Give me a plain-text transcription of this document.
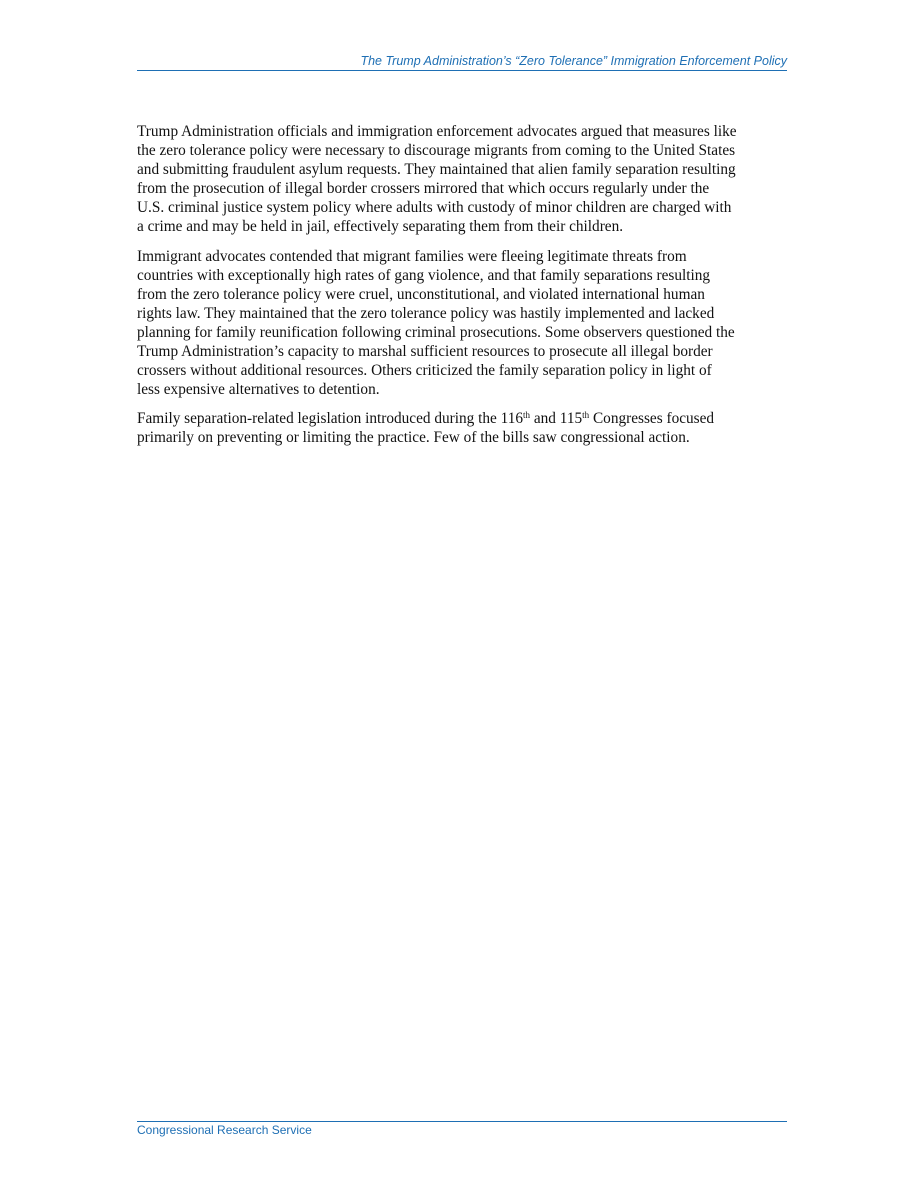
The Trump Administration’s “Zero Tolerance” Immigration Enforcement Policy

Trump Administration officials and immigration enforcement advocates argued that measures like
the zero tolerance policy were necessary to discourage migrants from coming to the United States
and submitting fraudulent asylum requests. They maintained that alien family separation resulting
from the prosecution of illegal border crossers mirrored that which occurs regularly under the
U.S. criminal justice system policy where adults with custody of minor children are charged with
a crime and may be held in jail, effectively separating them from their children.

Immigrant advocates contended that migrant families were fleeing legitimate threats from
countries with exceptionally high rates of gang violence, and that family separations resulting
from the zero tolerance policy were cruel, unconstitutional, and violated international human
rights law. They maintained that the zero tolerance policy was hastily implemented and lacked
planning for family reunification following criminal prosecutions. Some observers questioned the
Trump Administration’s capacity to marshal sufficient resources to prosecute all illegal border
crossers without additional resources. Others criticized the family separation policy in light of
less expensive alternatives to detention.

Family separation-related legislation introduced during the 116th and 115th Congresses focused
primarily on preventing or limiting the practice. Few of the bills saw congressional action.

Congressional Research Service
